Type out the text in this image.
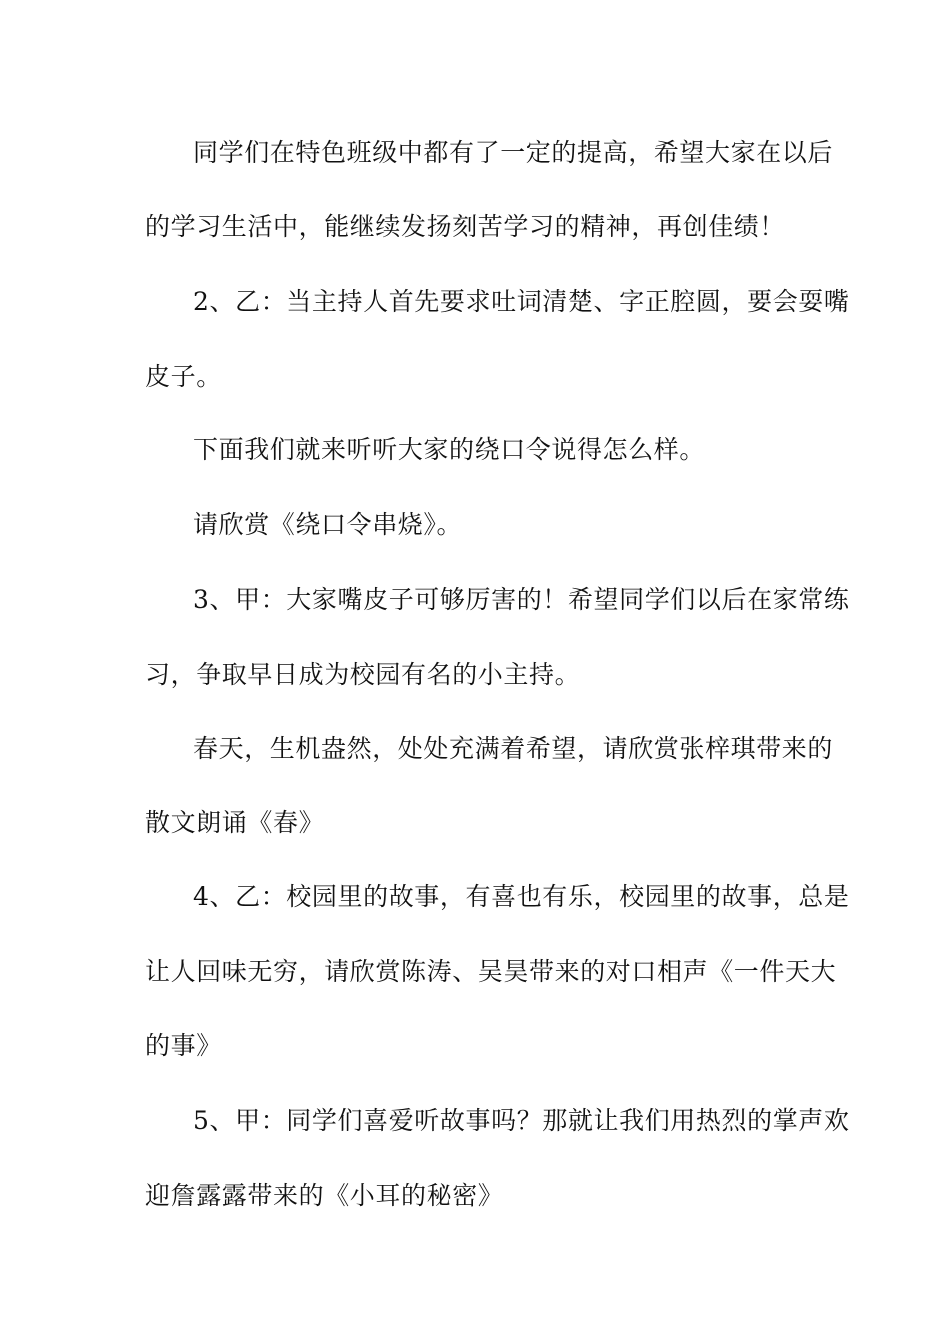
同学们在特色班级中都有了一定的提高，希望大家在以后
的学习生活中，能继续发扬刻苦学习的精神，再创佳绩！
2、乙：当主持人首先要求吐词清楚、字正腔圆，要会耍嘴
皮子。
下面我们就来听听大家的绕口令说得怎么样。
请欣赏《绕口令串烧》。
3、甲：大家嘴皮子可够厉害的！希望同学们以后在家常练
习，争取早日成为校园有名的小主持。
春天，生机盎然，处处充满着希望，请欣赏张梓琪带来的
散文朗诵《春》
4、乙：校园里的故事，有喜也有乐，校园里的故事，总是
让人回味无穷，请欣赏陈涛、吴昊带来的对口相声《一件天大
的事》
5、甲：同学们喜爱听故事吗？那就让我们用热烈的掌声欢
迎詹露露带来的《小耳的秘密》
